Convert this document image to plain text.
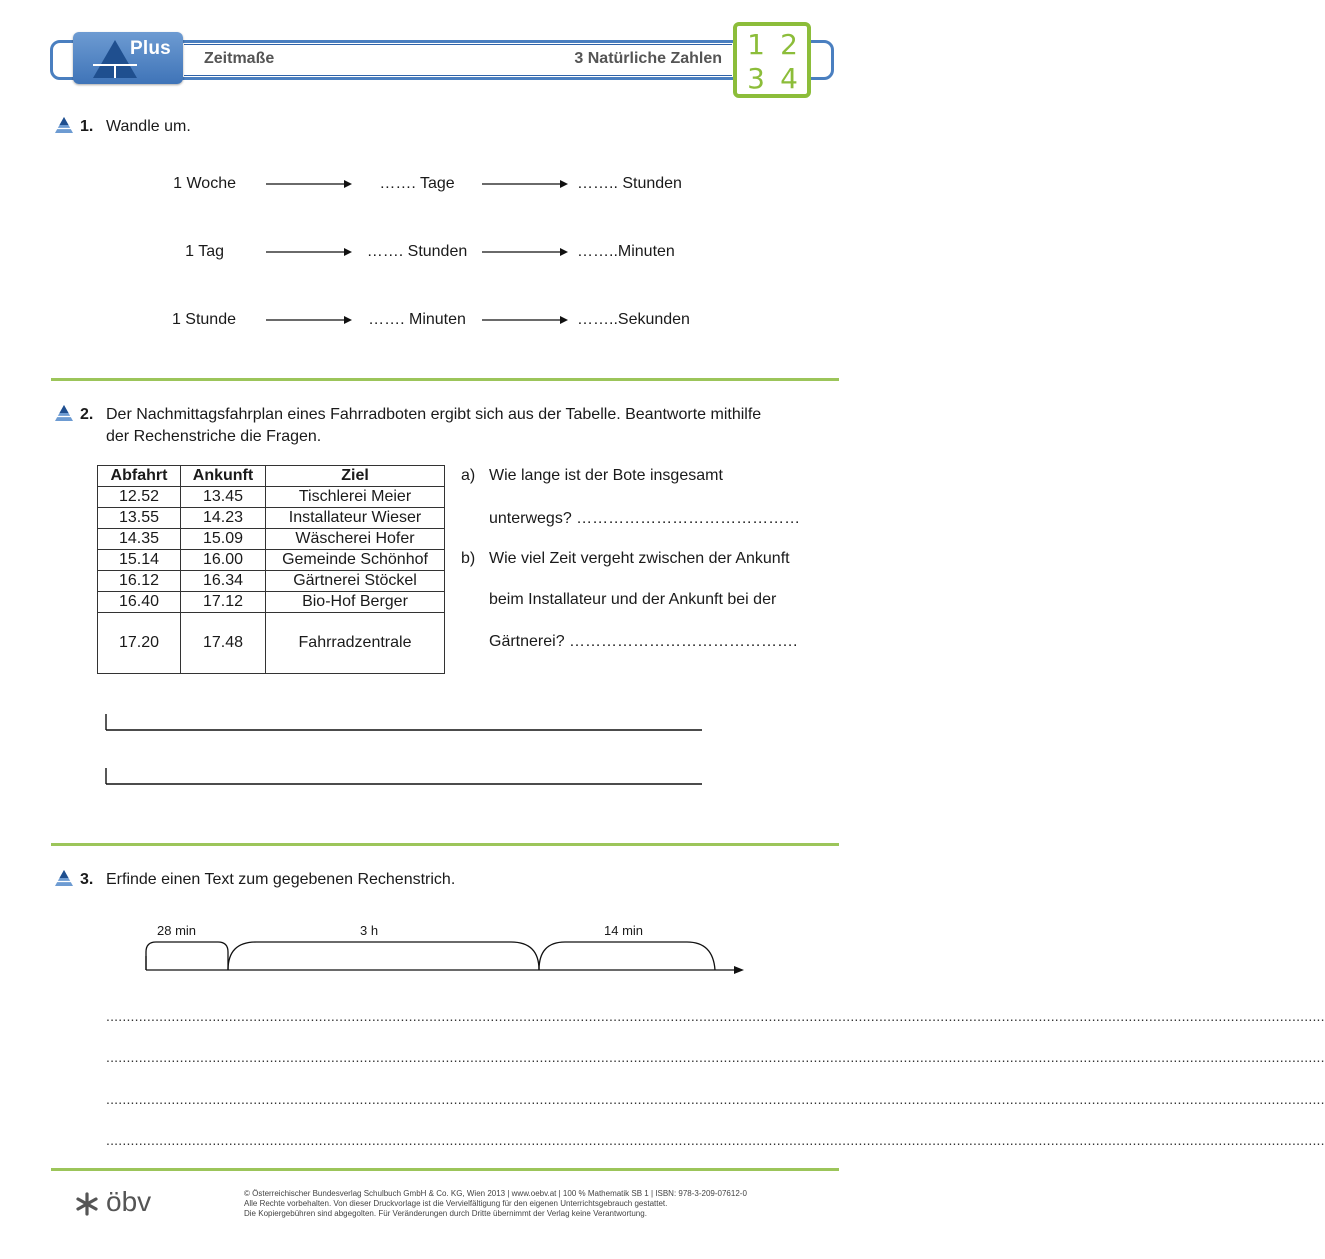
Plus Zeitmaße	3 Natürliche Zahlen 1 2
3 4
1. Wandle um.
1 Woche	……. Tage	…….. Stunden
1 Tag	……. Stunden	……..Minuten
1 Stunde	……. Minuten	……..Sekunden
2. Der Nachmittagsfahrplan eines Fahrradboten ergibt sich aus der Tabelle. Beantworte mithilfe
der Rechenstriche die Fragen.
Abfahrt	Ankunft	Ziel
12.52	13.45	Tischlerei Meier
13.55	14.23	Installateur Wieser
14.35	15.09	Wäscherei Hofer
15.14	16.00	Gemeinde Schönhof
16.12	16.34	Gärtnerei Stöckel
16.40	17.12	Bio-Hof Berger
17.20	17.48	Fahrradzentrale
a) Wie lange ist der Bote insgesamt
unterwegs? ……………………………………
b) Wie viel Zeit vergeht zwischen der Ankunft
beim Installateur und der Ankunft bei der
Gärtnerei? …………………………………….
3. Erfinde einen Text zum gegebenen Rechenstrich.
28 min	3 h	14 min
..........................................................................................................................................................................................................................................................................................................
..........................................................................................................................................................................................................................................................................................................
..........................................................................................................................................................................................................................................................................................................
..........................................................................................................................................................................................................................................................................................................
öbv	© Österreichischer Bundesverlag Schulbuch GmbH & Co. KG, Wien 2013 | www.oebv.at | 100 % Mathematik SB 1 | ISBN: 978-3-209-07612-0
Alle Rechte vorbehalten. Von dieser Druckvorlage ist die Vervielfältigung für den eigenen Unterrichtsgebrauch gestattet.
Die Kopiergebühren sind abgegolten. Für Veränderungen durch Dritte übernimmt der Verlag keine Verantwortung.
